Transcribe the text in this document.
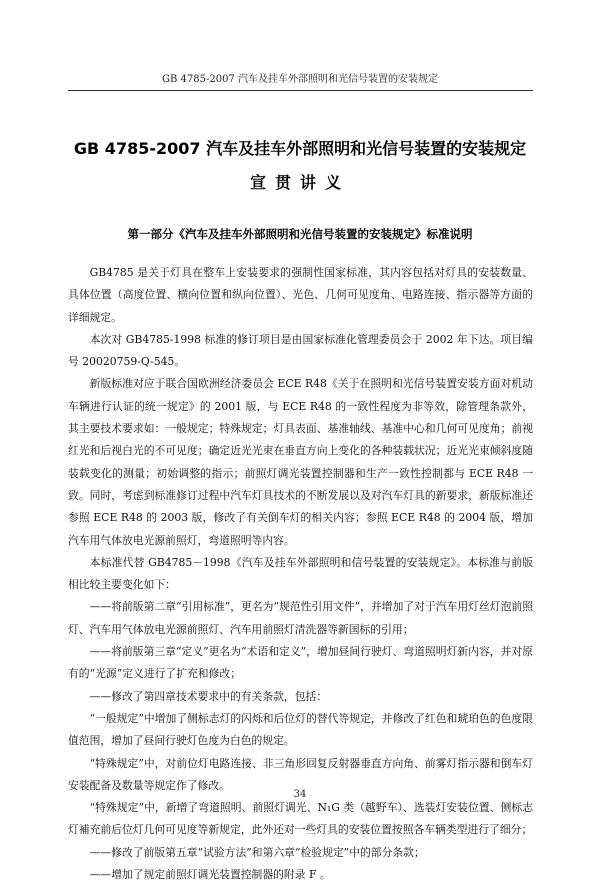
GB 4785-2007 汽车及挂车外部照明和光信号装置的安装规定
GB 4785-2007 汽车及挂车外部照明和光信号装置的安装规定
宣贯讲义
第一部分《汽车及挂车外部照明和光信号装置的安装规定》标准说明

GB4785 是关于灯具在整车上安装要求的强制性国家标准，其内容包括对灯具的安装数量、具体位置（高度位置、横向位置和纵向位置）、光色、几何可见度角、电路连接、指示器等方面的详细规定。

本次对 GB4785-1998 标准的修订项目是由国家标准化管理委员会于 2002 年下达。项目编号 20020759-Q-545。

新版标准对应于联合国欧洲经济委员会 ECE R48《关于在照明和光信号装置安装方面对机动车辆进行认证的统一规定》的 2001 版，与 ECE R48 的一致性程度为非等效，除管理条款外，其主要技术要求如：一般规定；特殊规定；灯具表面、基准轴线、基准中心和几何可见度角；前视红光和后视白光的不可见度；确定近光光束在垂直方向上变化的各种装载状况；近光光束倾斜度随装载变化的测量；初始调整的指示；前照灯调光装置控制器和生产一致性控制都与 ECE R48 一致。同时，考虑到标准修订过程中汽车灯具技术的不断发展以及对汽车灯具的新要求，新版标准还参照 ECE R48 的 2003 版，修改了有关倒车灯的相关内容；参照 ECE R48 的 2004 版，增加汽车用气体放电光源前照灯，弯道照明等内容。

本标准代替 GB4785－1998《汽车及挂车外部照明和信号装置的安装规定》。本标准与前版相比较主要变化如下：

——将前版第二章“引用标准”，更名为“规范性引用文件”，并增加了对于汽车用灯丝灯泡前照灯、汽车用气体放电光源前照灯、汽车用前照灯清洗器等新国标的引用；

——将前版第三章“定义”更名为“术语和定义”，增加昼间行驶灯、弯道照明灯新内容，并对原有的“光源”定义进行了扩充和修改；

——修改了第四章技术要求中的有关条款，包括：

“一般规定”中增加了侧标志灯的闪烁和后位灯的替代等规定，并修改了红色和琥珀色的色度限值范围，增加了昼间行驶灯色度为白色的规定。

“特殊规定”中，对前位灯电路连接、非三角形回复反射器垂直方向角、前雾灯指示器和倒车灯安装配备及数量等规定作了修改。

“特殊规定”中，新增了弯道照明、前照灯调光、N₁G 类（越野车）、选装灯安装位置、侧标志灯補充前后位灯几何可见度等新规定，此外还对一些灯具的安装位置按照各车辆类型进行了细分；

——修改了前版第五章“试验方法”和第六章“检验规定”中的部分条款；

——增加了规定前照灯调光装置控制器的附录 F 。

34
